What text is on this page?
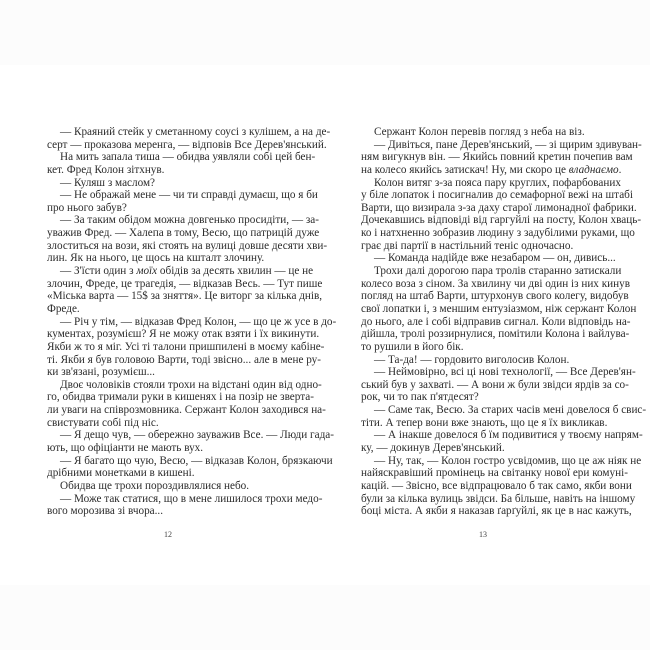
— Краяний стейк у сметанному соусі з кулішем, а на де-
серт — проказова меренга, — відповів Все Дерев'янський.
На мить запала тиша — обидва уявляли собі цей бен-
кет. Фред Колон зітхнув.
— Куляш з маслом?
— Не ображай мене — чи ти справді думаєш, що я би
про нього забув?
— За таким обідом можна довгенько просидіти, — за-
уважив Фред. — Халепа в тому, Весю, що патрицій дуже
злоститься на вози, які стоять на вулиці довше десяти хви-
лин. Як на нього, це щось на кшталт злочину.
— З'їсти один з моїх обідів за десять хвилин — це не
злочин, Фреде, це трагедія, — відказав Весь. — Тут пише
«Міська варта — 15$ за зняття». Це виторг за кілька днів,
Фреде.
— Річ у тім, — відказав Фред Колон, — що це ж усе в до-
кументах, розумієш? Я не можу отак взяти і їх викинути.
Якби ж то я міг. Усі ті талони пришпилені в моєму кабіне-
ті. Якби я був головою Варти, тоді звісно... але в мене ру-
ки зв'язані, розумієш...
Двоє чоловіків стояли трохи на відстані один від одно-
го, обидва тримали руки в кишенях і на позір не зверта-
ли уваги на співрозмовника. Сержант Колон заходився на-
свистувати собі під ніс.
— Я дещо чув, — обережно зауважив Все. — Люди гада-
ють, що офіціанти не мають вух.
— Я багато що чую, Весю, — відказав Колон, брязкаючи
дрібними монетками в кишені.
Обидва ще трохи пороздивлялися небо.
— Може так статися, що в мене лишилося трохи медо-
вого морозива зі вчора...
Сержант Колон перевів погляд з неба на віз.
— Дивіться, пане Дерев'янський, — зі щирим здивуван-
ням вигукнув він. — Якийсь повний кретин почепив вам
на колесо якийсь затискач! Ну, ми скоро це владнаємо.
Колон витяг з-за пояса пару круглих, пофарбованих
у біле лопаток і посигналив до семафорної вежі на штабі
Варти, що визирала з-за даху старої лимонадної фабрики.
Дочекавшись відповіді від гаргуйлі на посту, Колон хваць-
ко і натхненно зобразив людину з задубілими руками, що
грає дві партії в настільний теніс одночасно.
— Команда надійде вже незабаром — он, дивись...
Трохи далі дорогою пара тролів старанно затискали
колесо воза з сіном. За хвилину чи дві один із них кинув
погляд на штаб Варти, штурхонув свого колегу, видобув
свої лопатки і, з меншим ентузіазмом, ніж сержант Колон
до нього, але і собі відправив сигнал. Коли відповідь на-
дійшла, тролі роззирнулися, помітили Колона і вайлува-
то рушили в його бік.
— Та-да! — гордовито виголосив Колон.
— Неймовірно, всі ці нові технології, — Все Дерев'ян-
ський був у захваті. — А вони ж були звідси ярдів за со-
рок, чи то пак п'ятдесят?
— Саме так, Весю. За старих часів мені довелося б свис-
тіти. А тепер вони вже знають, що це я їх викликав.
— А інакше довелося б їм подивитися у твоєму напрям-
ку, — докинув Дерев'янський.
— Ну, так, — Колон гостро усвідомив, що це аж ніяк не
найяскравіший промінець на світанку нової ери комуні-
кацій. — Звісно, все відпрацювало б так само, якби вони
були за кілька вулиць звідси. Ба більше, навіть на іншому
боці міста. А якби я наказав ґарґуйлі, як це в нас кажуть,
12	13
